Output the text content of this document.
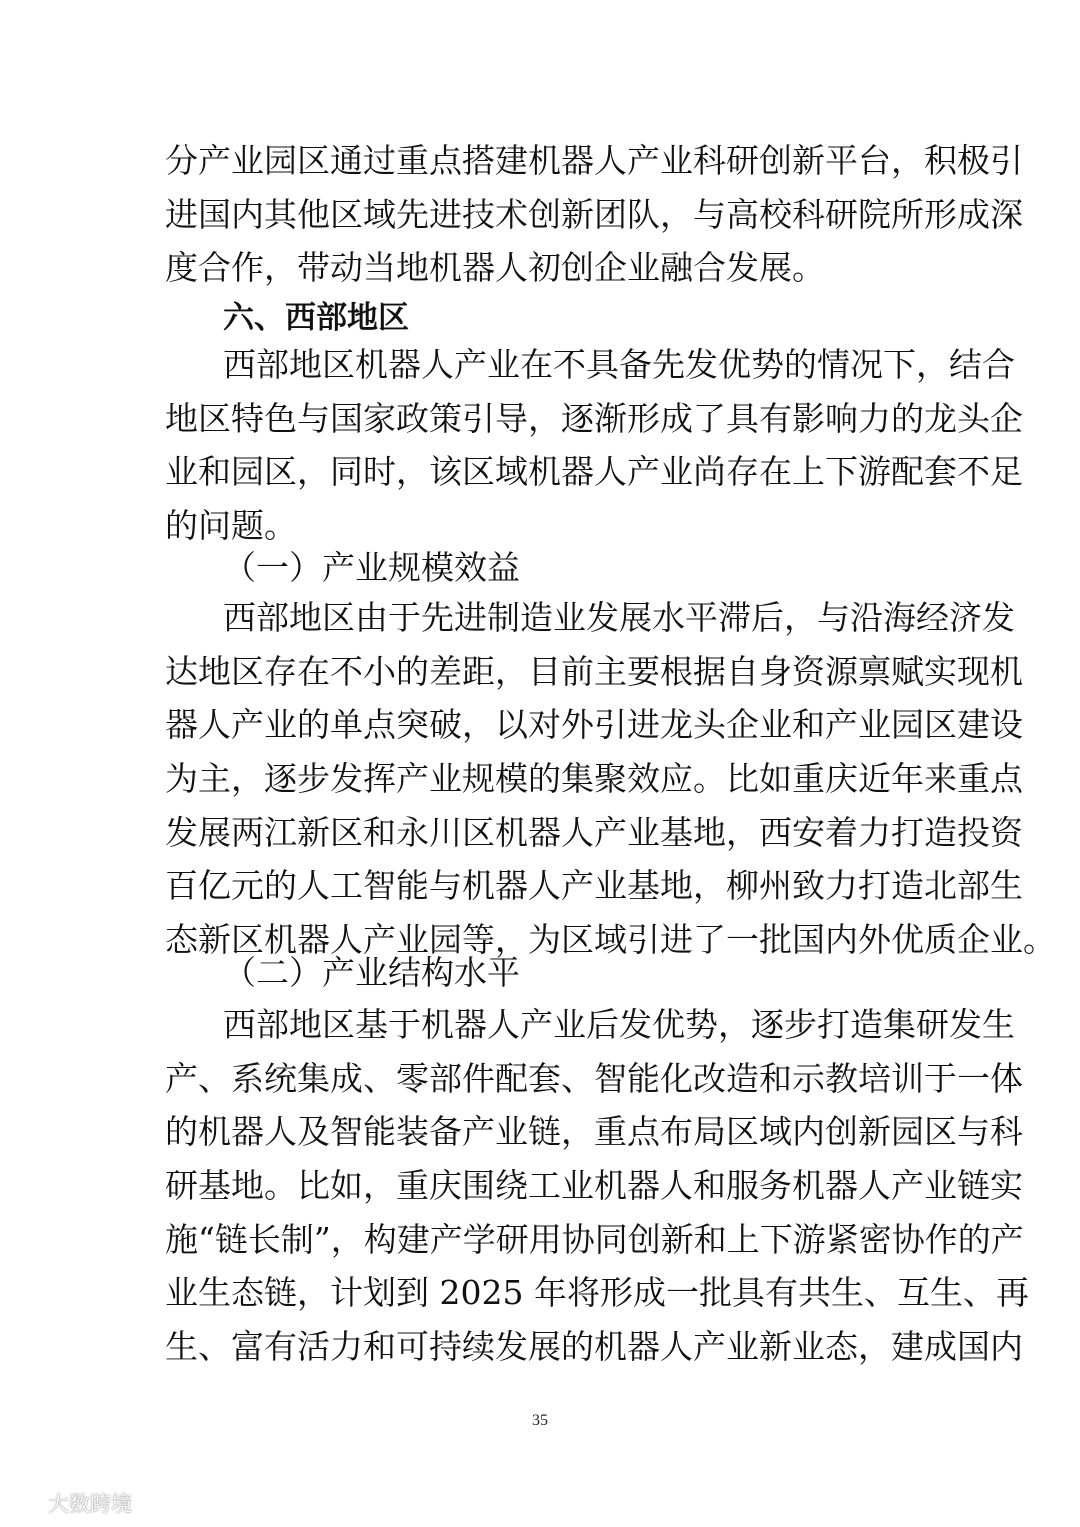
分产业园区通过重点搭建机器人产业科研创新平台，积极引
进国内其他区域先进技术创新团队，与高校科研院所形成深
度合作，带动当地机器人初创企业融合发展。
六、西部地区
西部地区机器人产业在不具备先发优势的情况下，结合
地区特色与国家政策引导，逐渐形成了具有影响力的龙头企
业和园区，同时，该区域机器人产业尚存在上下游配套不足
的问题。
（一）产业规模效益
西部地区由于先进制造业发展水平滞后，与沿海经济发
达地区存在不小的差距，目前主要根据自身资源禀赋实现机
器人产业的单点突破，以对外引进龙头企业和产业园区建设
为主，逐步发挥产业规模的集聚效应。比如重庆近年来重点
发展两江新区和永川区机器人产业基地，西安着力打造投资
百亿元的人工智能与机器人产业基地，柳州致力打造北部生
态新区机器人产业园等，为区域引进了一批国内外优质企业。
（二）产业结构水平
西部地区基于机器人产业后发优势，逐步打造集研发生
产、系统集成、零部件配套、智能化改造和示教培训于一体
的机器人及智能装备产业链，重点布局区域内创新园区与科
研基地。比如，重庆围绕工业机器人和服务机器人产业链实
施“链长制”，构建产学研用协同创新和上下游紧密协作的产
业生态链，计划到 2025 年将形成一批具有共生、互生、再
生、富有活力和可持续发展的机器人产业新业态，建成国内
35
大数跨境
